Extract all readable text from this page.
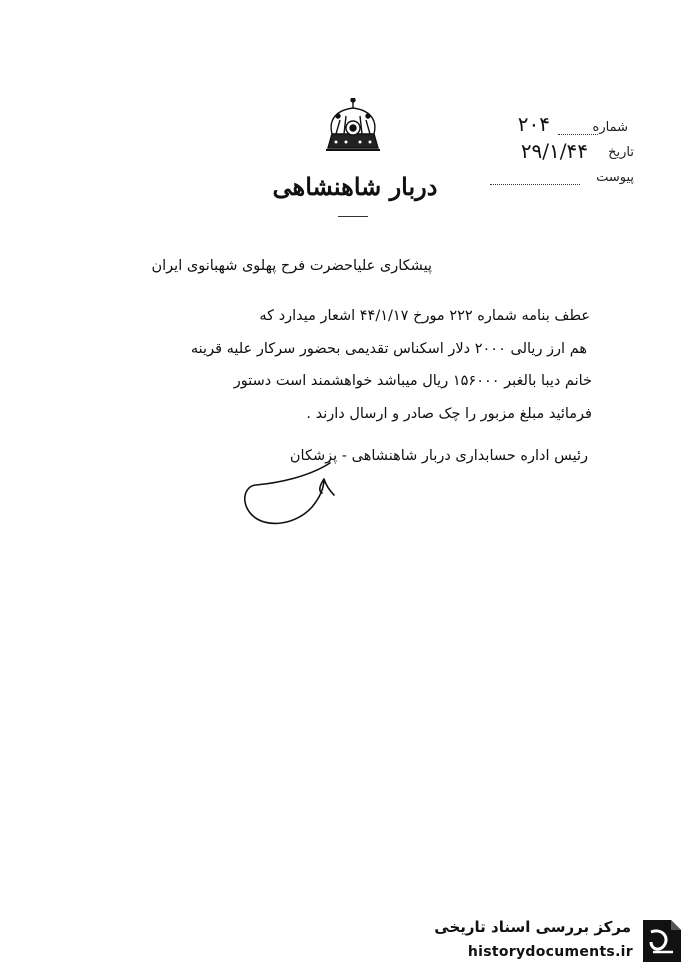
شماره
۲۰۴
تاریخ
۲۹/۱/۴۴
پیوست
دربار شاهنشاهی
پیشکاری علیاحضرت فرح پهلوی شهبانوی ایران
عطف بنامه شماره ۲۲۲ مورخ ۴۴/۱/۱۷ اشعار میدارد که
هم ارز ریالی ۲۰۰۰ دلار اسکناس تقدیمی بحضور سرکار علیه قرینه
خانم دیبا بالغبر ۱۵۶۰۰۰ ریال میباشد خواهشمند است دستور
فرمائید مبلغ مزبور را چک صادر و ارسال دارند .
رئیس اداره حسابداری دربار شاهنشاهی - پزشکان
مرکز بررسی اسناد تاریخی
historydocuments.ir
